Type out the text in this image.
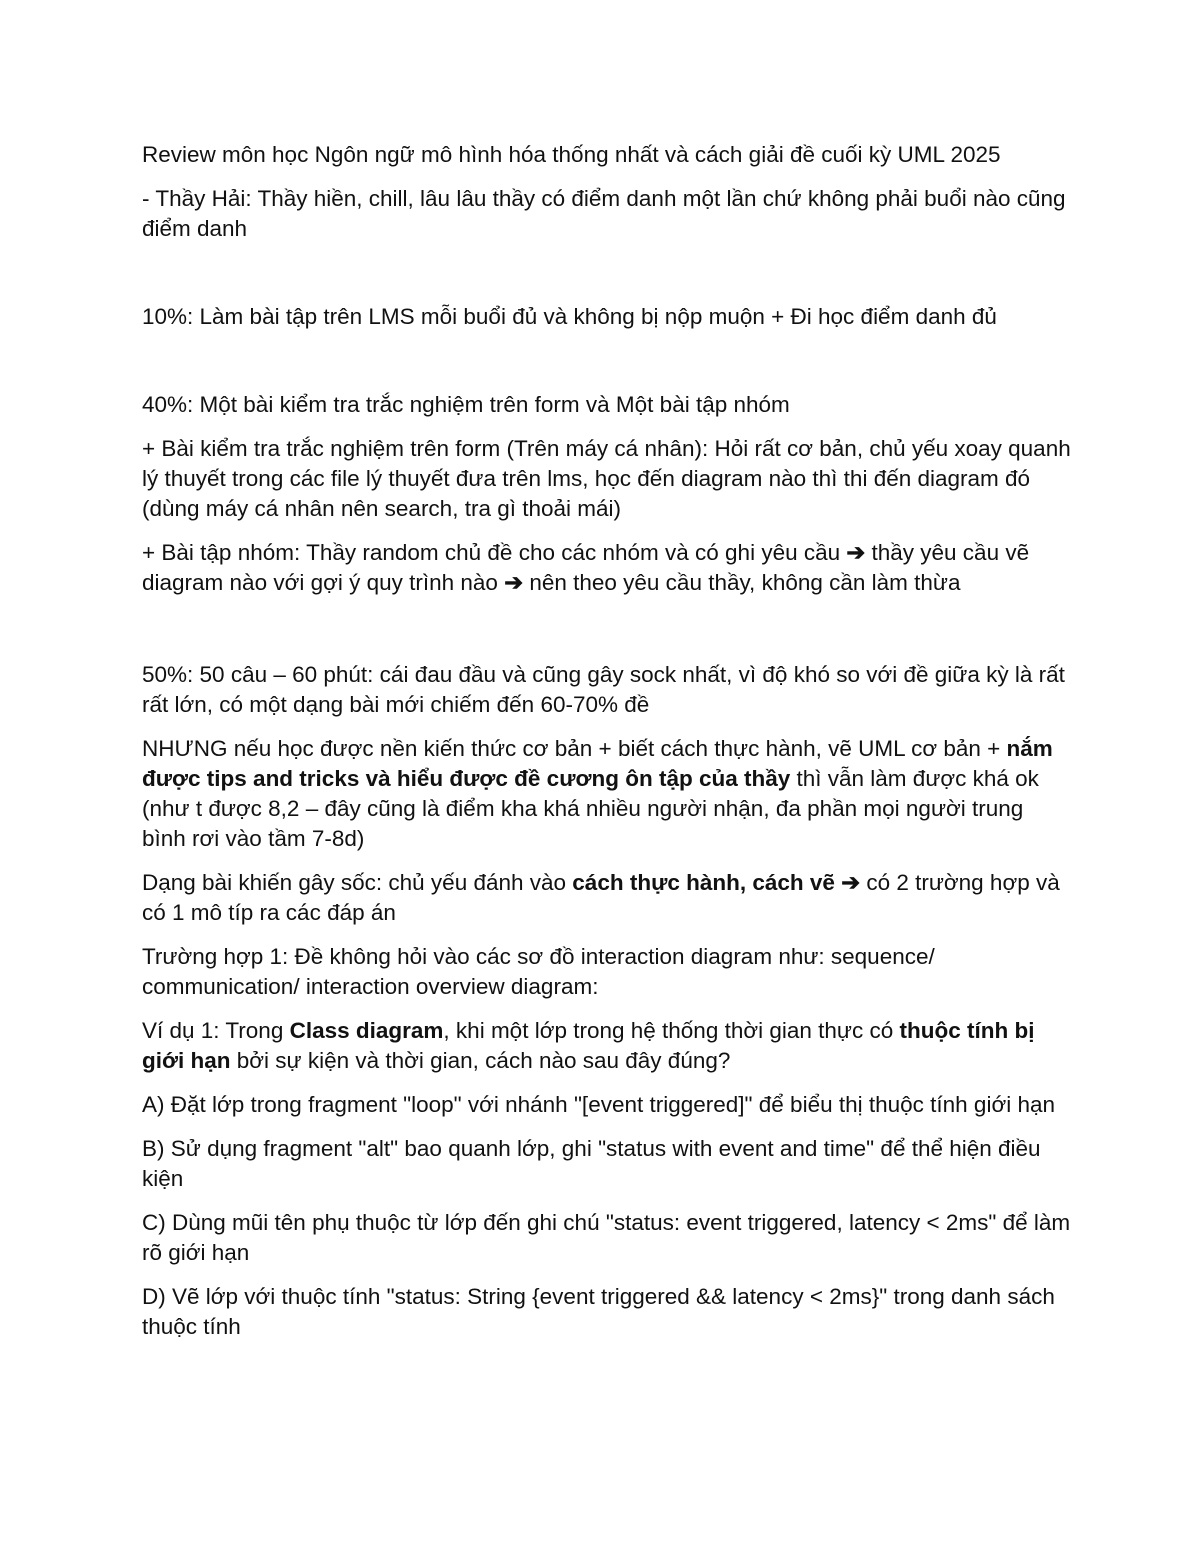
Review môn học Ngôn ngữ mô hình hóa thống nhất và cách giải đề cuối kỳ UML 2025

- Thầy Hải: Thầy hiền, chill, lâu lâu thầy có điểm danh một lần chứ không phải buổi nào cũng điểm danh

10%: Làm bài tập trên LMS mỗi buổi đủ và không bị nộp muộn + Đi học điểm danh đủ

40%: Một bài kiểm tra trắc nghiệm trên form và Một bài tập nhóm

+ Bài kiểm tra trắc nghiệm trên form (Trên máy cá nhân): Hỏi rất cơ bản, chủ yếu xoay quanh lý thuyết trong các file lý thuyết đưa trên lms, học đến diagram nào thì thi đến diagram đó (dùng máy cá nhân nên search, tra gì thoải mái)

+ Bài tập nhóm: Thầy random chủ đề cho các nhóm và có ghi yêu cầu ➔ thầy yêu cầu vẽ diagram nào với gợi ý quy trình nào ➔ nên theo yêu cầu thầy, không cần làm thừa

50%: 50 câu – 60 phút: cái đau đầu và cũng gây sock nhất, vì độ khó so với đề giữa kỳ là rất rất lớn, có một dạng bài mới chiếm đến 60-70% đề

NHƯNG nếu học được nền kiến thức cơ bản + biết cách thực hành, vẽ UML cơ bản + nắm được tips and tricks và hiểu được đề cương ôn tập của thầy thì vẫn làm được khá ok (như t được 8,2 – đây cũng là điểm kha khá nhiều người nhận, đa phần mọi người trung bình rơi vào tầm 7-8d)

Dạng bài khiến gây sốc: chủ yếu đánh vào cách thực hành, cách vẽ ➔ có 2 trường hợp và có 1 mô típ ra các đáp án

Trường hợp 1: Đề không hỏi vào các sơ đồ interaction diagram như: sequence/ communication/ interaction overview diagram:

Ví dụ 1: Trong Class diagram, khi một lớp trong hệ thống thời gian thực có thuộc tính bị giới hạn bởi sự kiện và thời gian, cách nào sau đây đúng?

A) Đặt lớp trong fragment "loop" với nhánh "[event triggered]" để biểu thị thuộc tính giới hạn

B) Sử dụng fragment "alt" bao quanh lớp, ghi "status with event and time" để thể hiện điều kiện

C) Dùng mũi tên phụ thuộc từ lớp đến ghi chú "status: event triggered, latency < 2ms" để làm rõ giới hạn

D) Vẽ lớp với thuộc tính "status: String {event triggered && latency < 2ms}" trong danh sách thuộc tính
